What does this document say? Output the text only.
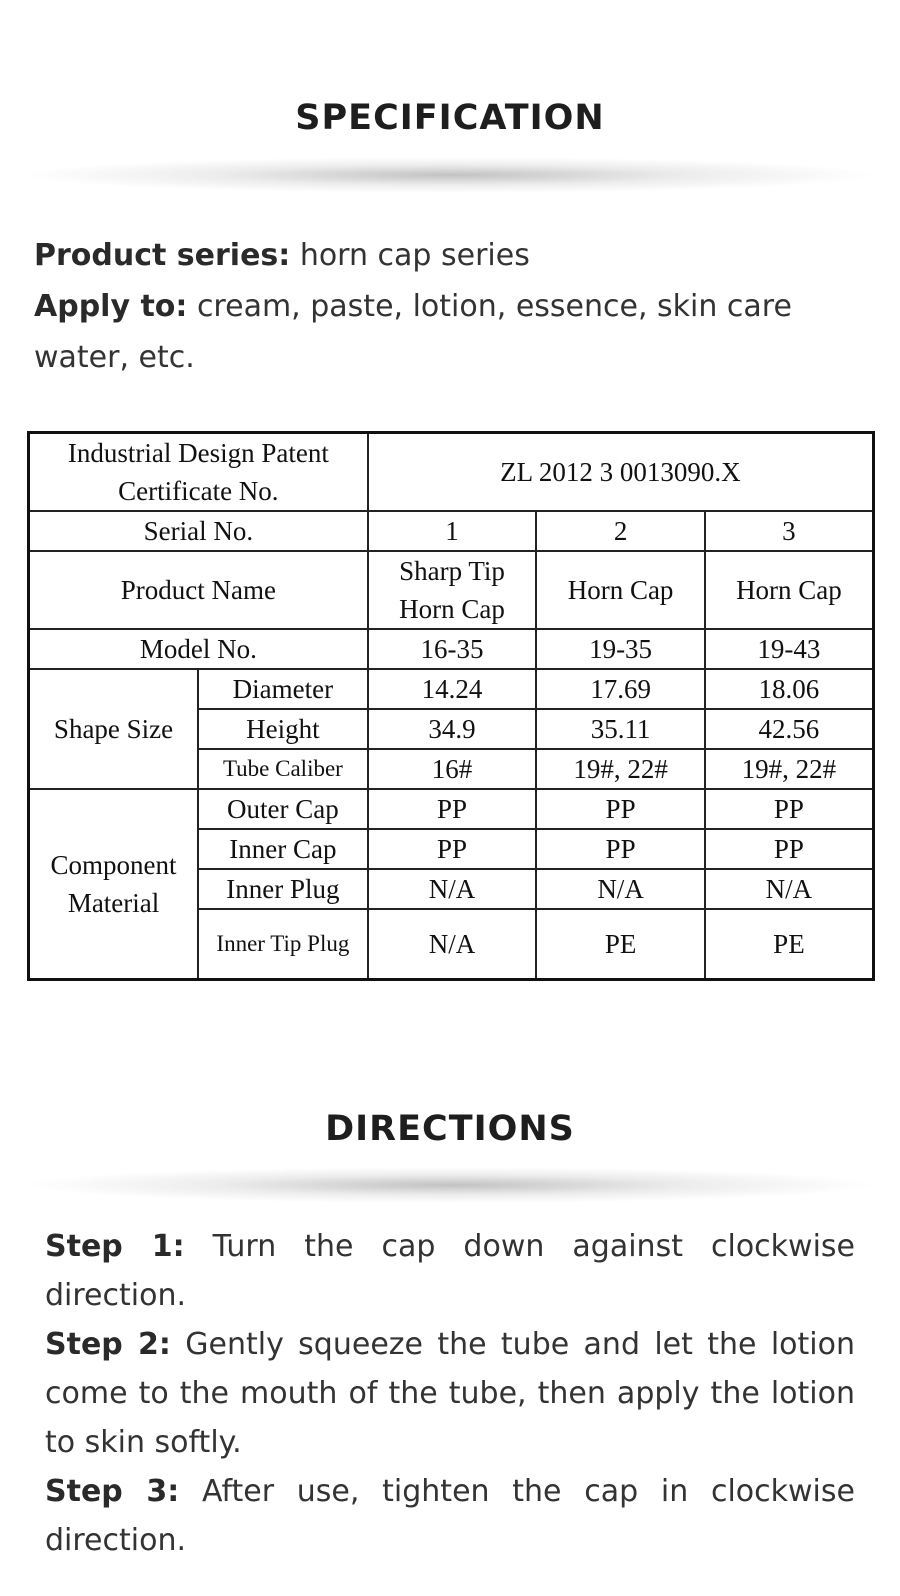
SPECIFICATION

Product series: horn cap series

Apply to: cream, paste, lotion, essence, skin care water, etc.

Industrial Design Patent Certificate No.		ZL 2012 3 0013090.X		
Serial No.		1	2	3
Product Name		Sharp Tip Horn Cap	Horn Cap	Horn Cap
Model No.		16-35	19-35	19-43
Shape Size	Diameter	14.24	17.69	18.06
	Height	34.9	35.11	42.56
	Tube Caliber	16#	19#, 22#	19#, 22#
Component Material	Outer Cap	PP	PP	PP
	Inner Cap	PP	PP	PP
	Inner Plug	N/A	N/A	N/A
	Inner Tip Plug	N/A	PE	PE
DIRECTIONS

Step 1: Turn the cap down against clockwise direction.

Step 2: Gently squeeze the tube and let the lotion come to the mouth of the tube, then apply the lotion to skin softly.

Step 3: After use, tighten the cap in clockwise direction.
